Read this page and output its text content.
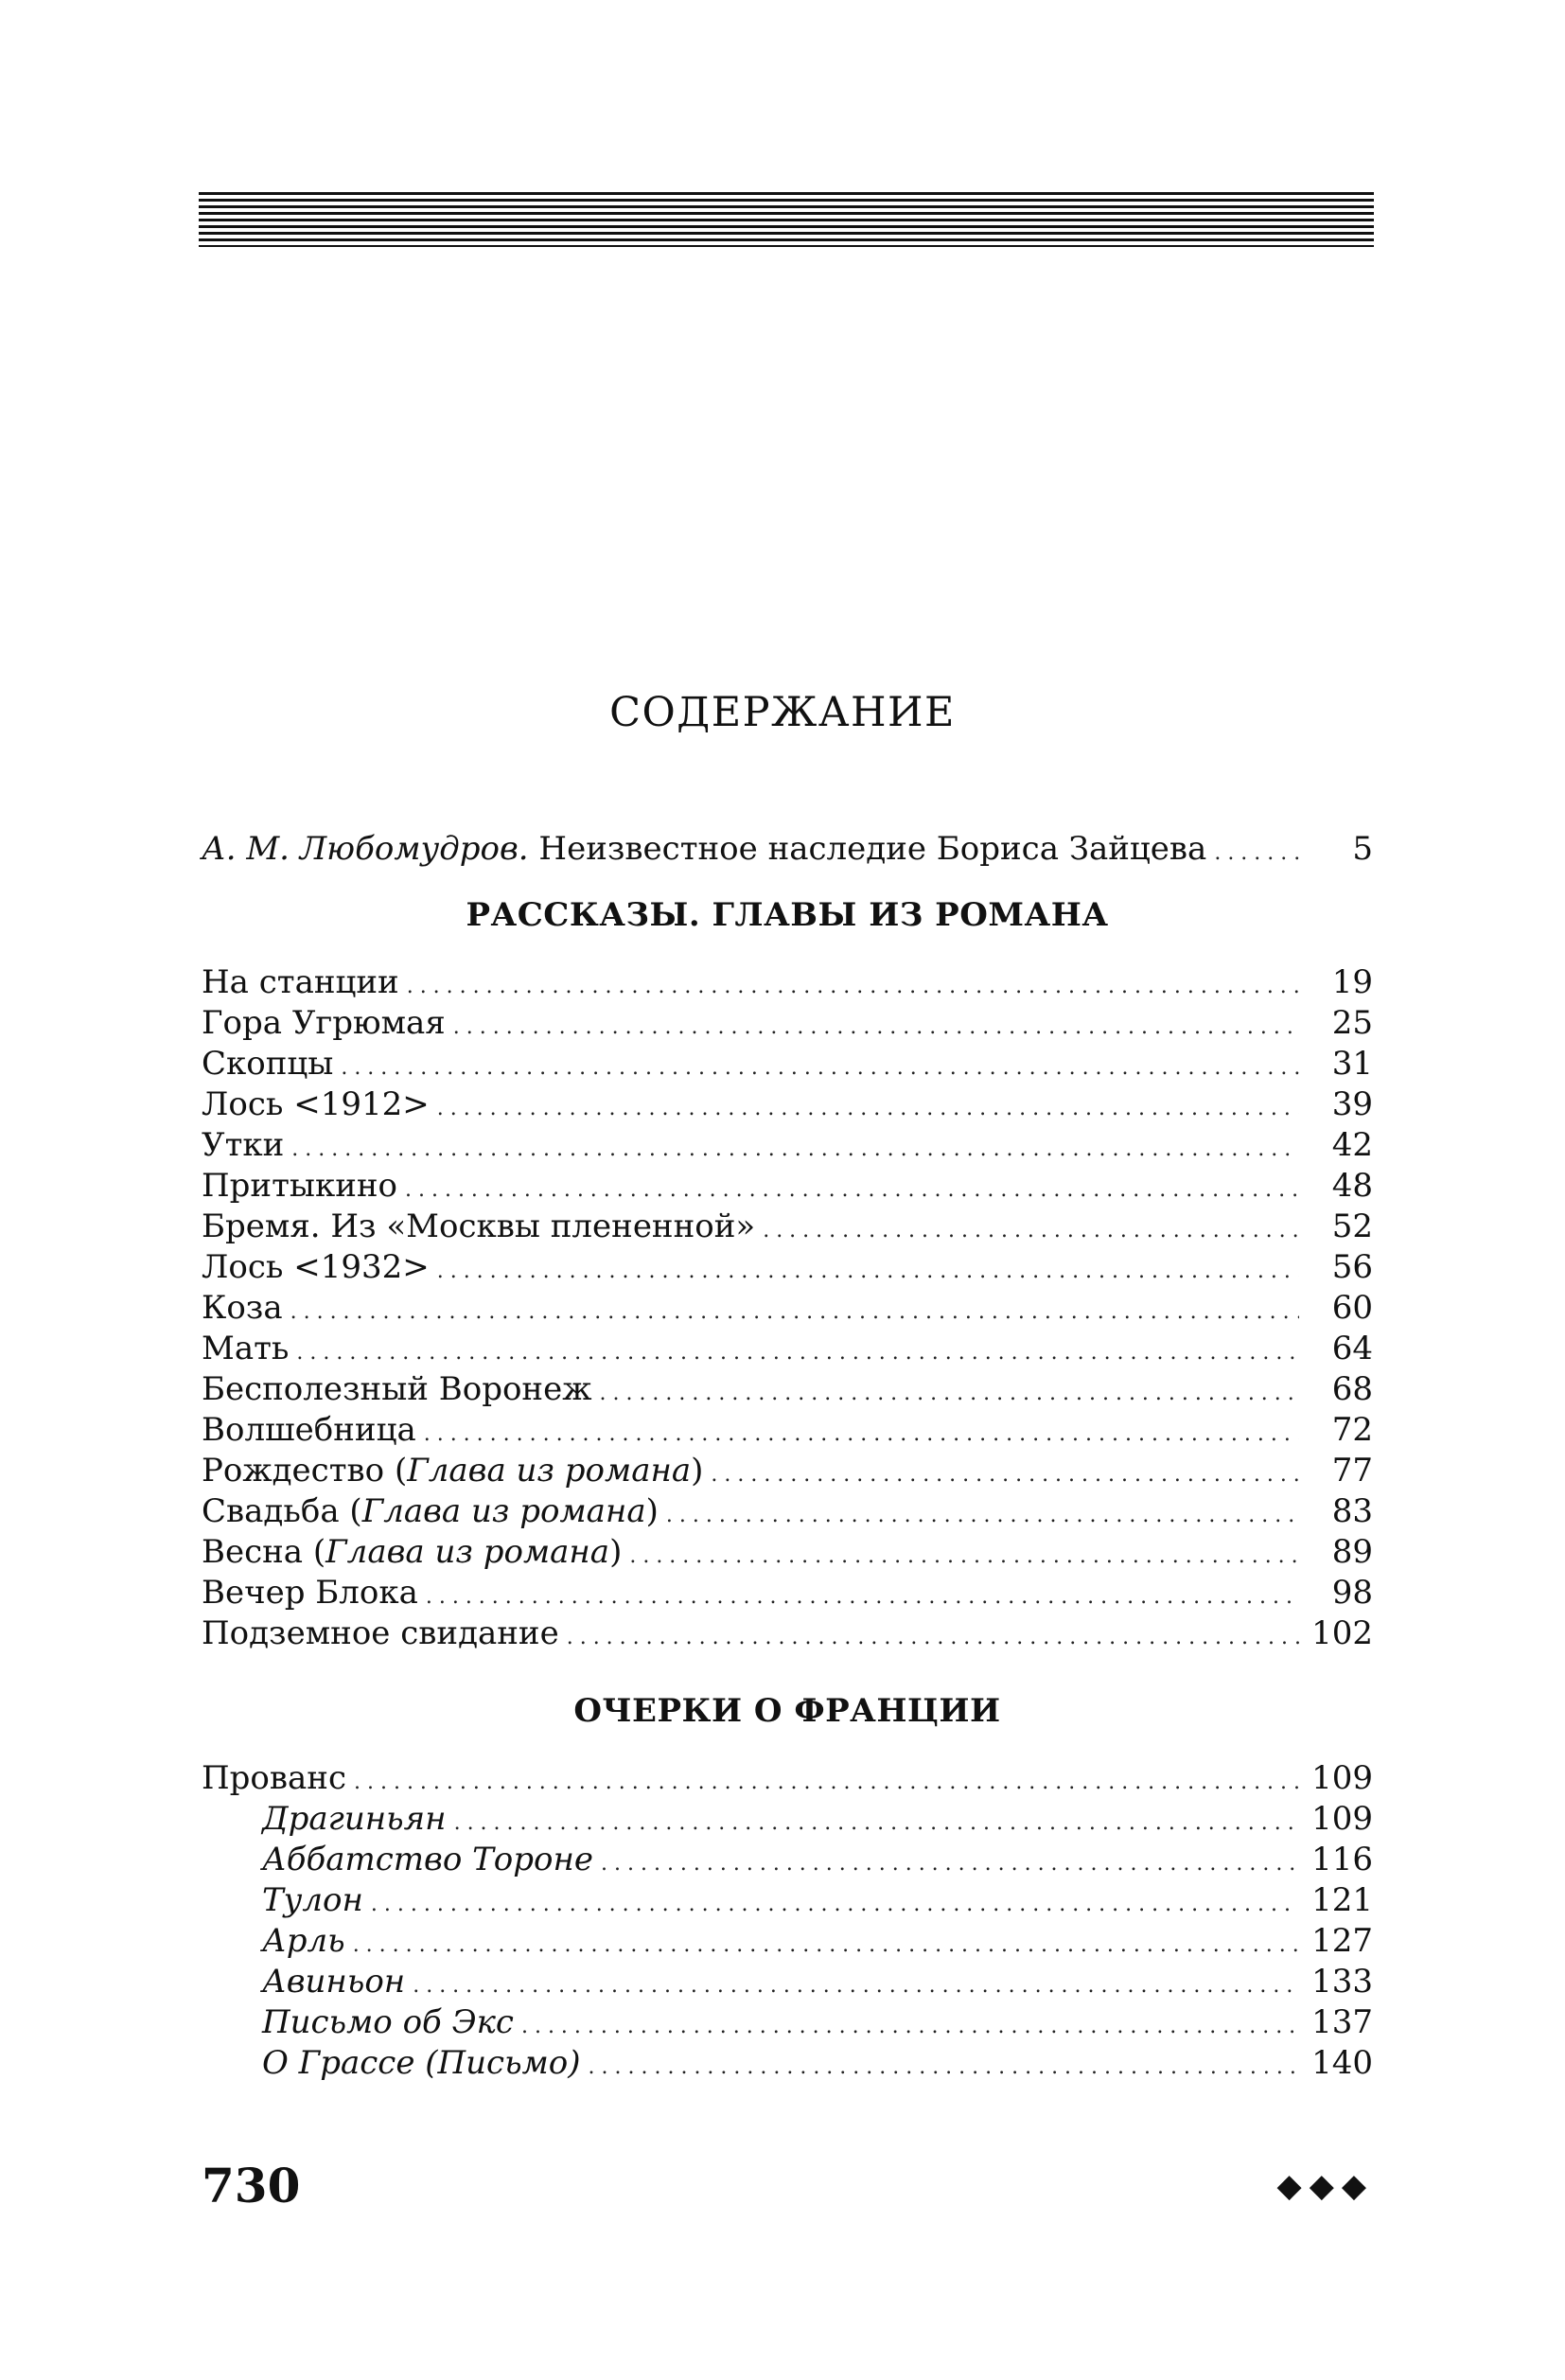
СОДЕРЖАНИЕ
А. М. Любомудров. Неизвестное наследие Бориса Зайцева . . .	5
РАССКАЗЫ. ГЛАВЫ ИЗ РОМАНА
На станции . . .	19
Гора Угрюмая . . .	25
Скопцы . . .	31
Лось <1912> . . .	39
Утки . . .	42
Притыкино . . .	48
Бремя. Из «Москвы плененной» . . .	52
Лось <1932> . . .	56
Коза . . .	60
Мать . . .	64
Бесполезный Воронеж . . .	68
Волшебница . . .	72
Рождество (Глава из романа) . . .	77
Свадьба (Глава из романа) . . .	83
Весна (Глава из романа) . . .	89
Вечер Блока . . .	98
Подземное свидание . . .	102
ОЧЕРКИ О ФРАНЦИИ
Прованс . . .	109
Драгиньян . . .	109
Аббатство Тороне . . .	116
Тулон . . .	121
Арль . . .	127
Авиньон . . .	133
Письмо об Экс . . .	137
О Грассе (Письмо) . . .	140
730	◆◆◆
